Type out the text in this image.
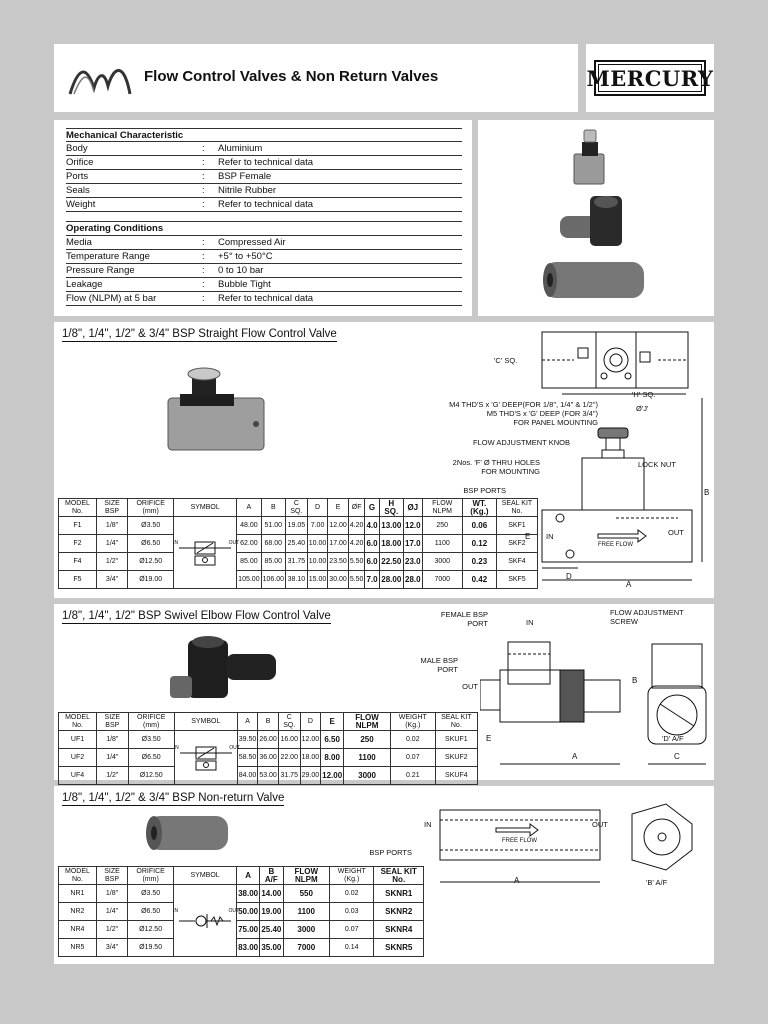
Flow Control Valves & Non Return Valves	MERCURY
Mechanical Characteristic
Body	:	Aluminium
Orifice	:	Refer to technical data
Ports	:	BSP Female
Seals	:	Nitrile Rubber
Weight	:	Refer to technical data
Operating Conditions
Media	:	Compressed Air
Temperature Range	:	+5° to +50°C
Pressure Range	:	0 to 10 bar
Leakage	:	Bubble Tight
Flow (NLPM) at 5 bar	:	Refer to technical data
1/8", 1/4", 1/2" & 3/4" BSP Straight Flow Control Valve
MODEL No.	SIZE BSP	ORIFICE (mm)	SYMBOL	A	B	C SQ.	D	E	ØF	G	H SQ.	ØJ	FLOW NLPM	WT. (Kg.)	SEAL KIT No.
F1	1/8"	Ø3.50	IN OUT	48.00	51.00	19.05	7.00	12.00	4.20	4.0	13.00	12.0	250	0.06	SKF1
F2	1/4"	Ø6.50		62.00	68.00	25.40	10.00	17.00	4.20	6.0	18.00	17.0	1100	0.12	SKF2
F4	1/2"	Ø12.50		85.00	85.00	31.75	10.00	23.50	5.50	6.0	22.50	23.0	3000	0.23	SKF4
F5	3/4"	Ø19.00		105.00	106.00	38.10	15.00	30.00	5.50	7.0	28.00	28.0	7000	0.42	SKF5
'C' SQ.
'H' SQ.
Ø'J'
M4 THD'S x 'G' DEEP(FOR 1/8", 1/4" & 1/2")
M5 THD'S x 'G' DEEP (FOR 3/4")
FOR PANEL MOUNTING
FLOW ADJUSTMENT KNOB
2Nos. 'F' Ø THRU HOLES
FOR MOUNTING
LOCK NUT
BSP PORTS
IN	OUT
FREE FLOW
A
B
D
E
1/8", 1/4", 1/2" BSP Swivel Elbow Flow Control Valve
MODEL No.	SIZE BSP	ORIFICE (mm)	SYMBOL	A	B	C SQ.	D	E	FLOW NLPM	WEIGHT (Kg.)	SEAL KIT No.
UF1	1/8"	Ø3.50	IN OUT	39.50	26.00	16.00	12.00	6.50	250	0.02	SKUF1
UF2	1/4"	Ø6.50		58.50	36.00	22.00	18.00	8.00	1100	0.07	SKUF2
UF4	1/2"	Ø12.50		84.00	53.00	31.75	29.00	12.00	3000	0.21	SKUF4
FEMALE BSP
PORT	IN
MALE BSP
PORT
OUT
FLOW ADJUSTMENT
SCREW
A
B
C
E	'D' A/F
1/8", 1/4", 1/2" & 3/4" BSP Non-return Valve
MODEL No.	SIZE BSP	ORIFICE (mm)	SYMBOL	A	B A/F	FLOW NLPM	WEIGHT (Kg.)	SEAL KIT No.
NR1	1/8"	Ø3.50	IN OUT	38.00	14.00	550	0.02	SKNR1
NR2	1/4"	Ø6.50		50.00	19.00	1100	0.03	SKNR2
NR4	1/2"	Ø12.50		75.00	25.40	3000	0.07	SKNR4
NR5	3/4"	Ø19.50		83.00	35.00	7000	0.14	SKNR5
IN	OUT
FREE FLOW
BSP PORTS
A	'B' A/F
